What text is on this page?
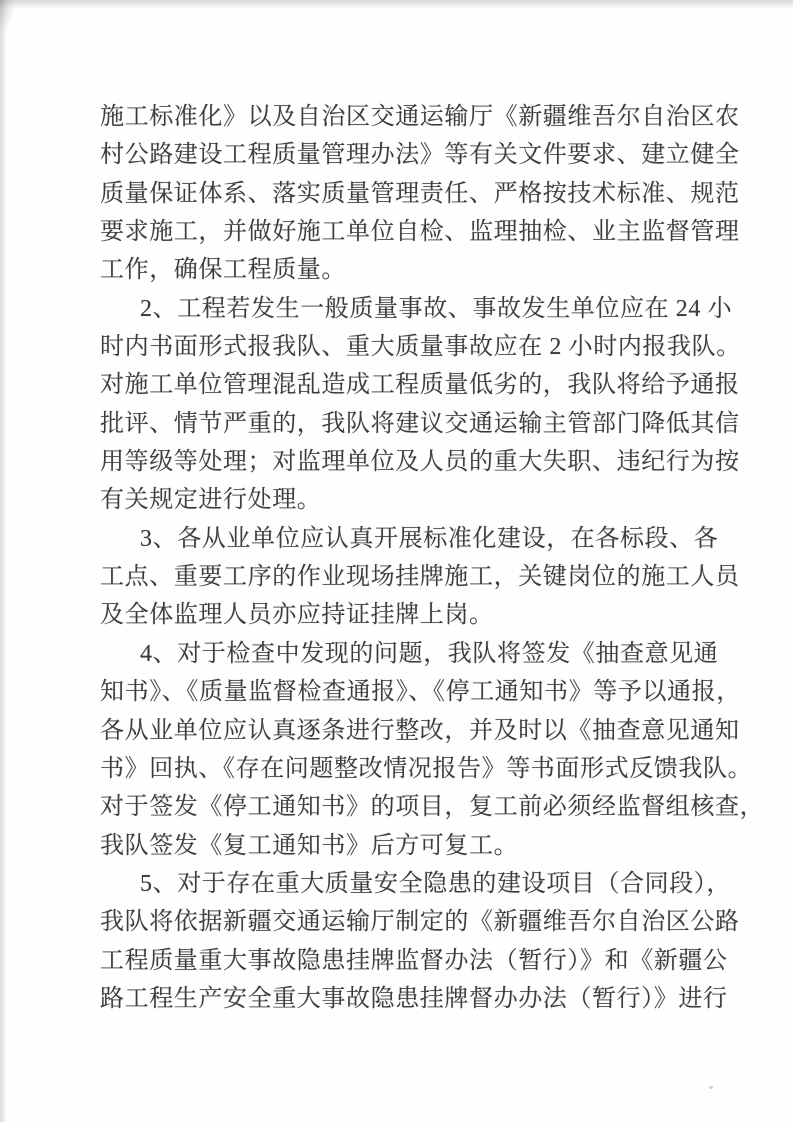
施工标准化》以及自治区交通运输厅《新疆维吾尔自治区农
村公路建设工程质量管理办法》等有关文件要求、建立健全
质量保证体系、落实质量管理责任、严格按技术标准、规范
要求施工，并做好施工单位自检、监理抽检、业主监督管理
工作，确保工程质量。
2、工程若发生一般质量事故、事故发生单位应在 24 小
时内书面形式报我队、重大质量事故应在 2 小时内报我队。
对施工单位管理混乱造成工程质量低劣的，我队将给予通报
批评、情节严重的，我队将建议交通运输主管部门降低其信
用等级等处理；对监理单位及人员的重大失职、违纪行为按
有关规定进行处理。
3、各从业单位应认真开展标准化建设，在各标段、各
工点、重要工序的作业现场挂牌施工，关键岗位的施工人员
及全体监理人员亦应持证挂牌上岗。
4、对于检查中发现的问题，我队将签发《抽查意见通
知书》、《质量监督检查通报》、《停工通知书》等予以通报，
各从业单位应认真逐条进行整改，并及时以《抽查意见通知
书》回执、《存在问题整改情况报告》等书面形式反馈我队。
对于签发《停工通知书》的项目，复工前必须经监督组核查，
我队签发《复工通知书》后方可复工。
5、对于存在重大质量安全隐患的建设项目（合同段），
我队将依据新疆交通运输厅制定的《新疆维吾尔自治区公路
工程质量重大事故隐患挂牌监督办法（暂行）》和《新疆公
路工程生产安全重大事故隐患挂牌督办办法（暂行）》进行
